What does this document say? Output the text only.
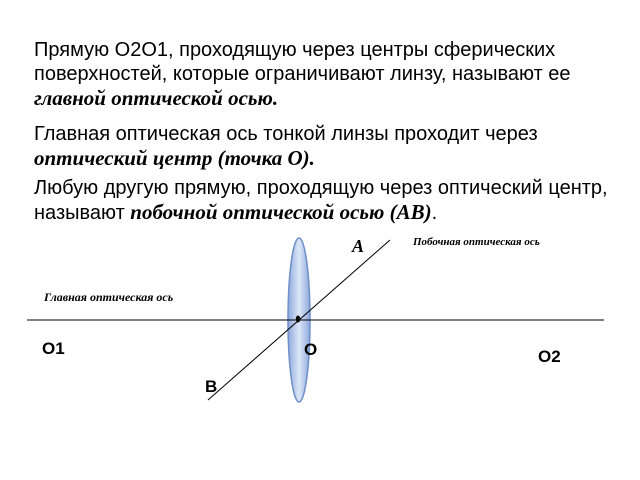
Прямую О2О1, проходящую через центры сферических поверхностей, которые ограничивают линзу, называют ее главной оптической осью.

Главная оптическая ось тонкой линзы проходит через оптический центр (точка О).

Любую другую прямую, проходящую через оптический центр, называют побочной оптической осью (АВ).

Главная оптическая ось
Побочная оптическая ось
А
В
О
О1	О2
